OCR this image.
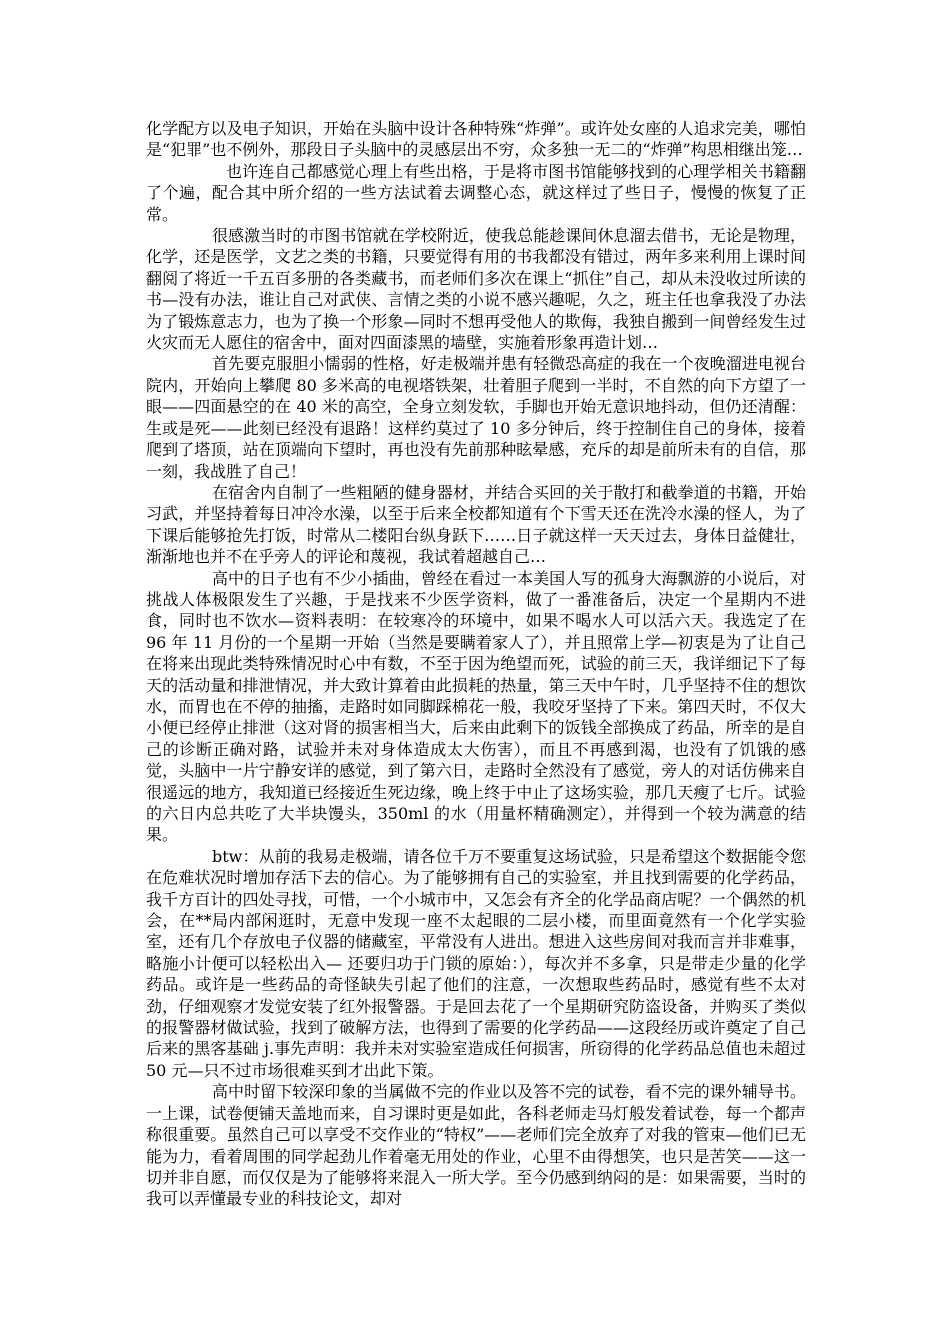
化学配方以及电子知识，开始在头脑中设计各种特殊“炸弹”。或许处女座的人追求完美，哪怕是“犯罪”也不例外，那段日子头脑中的灵感层出不穷，众多独一无二的“炸弹”构思相继出笼…

也许连自己都感觉心理上有些出格，于是将市图书馆能够找到的心理学相关书籍翻了个遍，配合其中所介绍的一些方法试着去调整心态，就这样过了些日子，慢慢的恢复了正常。

很感激当时的市图书馆就在学校附近，使我总能趁课间休息溜去借书，无论是物理，化学，还是医学，文艺之类的书籍，只要觉得有用的书我都没有错过，两年多来利用上课时间翻阅了将近一千五百多册的各类藏书，而老师们多次在课上“抓住”自己，却从未没收过所读的书—没有办法，谁让自己对武侠、言情之类的小说不感兴趣呢，久之，班主任也拿我没了办法为了锻炼意志力，也为了换一个形象—同时不想再受他人的欺侮，我独自搬到一间曾经发生过火灾而无人愿住的宿舍中，面对四面漆黑的墙壁，实施着形象再造计划…

首先要克服胆小懦弱的性格，好走极端并患有轻微恐高症的我在一个夜晚溜进电视台院内，开始向上攀爬 80 多米高的电视塔铁架，壮着胆子爬到一半时，不自然的向下方望了一眼——四面悬空的在 40 米的高空，全身立刻发软，手脚也开始无意识地抖动，但仍还清醒：生或是死——此刻已经没有退路！这样约莫过了 10 多分钟后，终于控制住自己的身体，接着爬到了塔顶，站在顶端向下望时，再也没有先前那种眩晕感，充斥的却是前所未有的自信，那一刻，我战胜了自己！

在宿舍内自制了一些粗陋的健身器材，并结合买回的关于散打和截拳道的书籍，开始习武，并坚持着每日冲冷水澡，以至于后来全校都知道有个下雪天还在洗冷水澡的怪人，为了下课后能够抢先打饭，时常从二楼阳台纵身跃下……日子就这样一天天过去，身体日益健壮，渐渐地也并不在乎旁人的评论和蔑视，我试着超越自己…

高中的日子也有不少小插曲，曾经在看过一本美国人写的孤身大海飘游的小说后，对挑战人体极限发生了兴趣，于是找来不少医学资料，做了一番准备后，决定一个星期内不进食，同时也不饮水—资料表明：在较寒冷的环境中，如果不喝水人可以活六天。我选定了在 96 年 11 月份的一个星期一开始（当然是要瞒着家人了），并且照常上学—初衷是为了让自己在将来出现此类特殊情况时心中有数，不至于因为绝望而死，试验的前三天，我详细记下了每天的活动量和排泄情况，并大致计算着由此损耗的热量，第三天中午时，几乎坚持不住的想饮水，而胃也在不停的抽搐，走路时如同脚踩棉花一般，我咬牙坚持了下来。第四天时，不仅大小便已经停止排泄（这对肾的损害相当大，后来由此剩下的饭钱全部换成了药品，所幸的是自己的诊断正确对路，试验并未对身体造成太大伤害），而且不再感到渴，也没有了饥饿的感觉，头脑中一片宁静安详的感觉，到了第六日，走路时全然没有了感觉，旁人的对话仿佛来自很遥远的地方，我知道已经接近生死边缘，晚上终于中止了这场实验，那几天瘦了七斤。试验的六日内总共吃了大半块馒头，350ml 的水（用量杯精确测定），并得到一个较为满意的结果。

btw：从前的我易走极端，请各位千万不要重复这场试验，只是希望这个数据能令您在危难状况时增加存活下去的信心。为了能够拥有自己的实验室，并且找到需要的化学药品，我千方百计的四处寻找，可惜，一个小城市中，又怎会有齐全的化学品商店呢？一个偶然的机会，在**局内部闲逛时，无意中发现一座不太起眼的二层小楼，而里面竟然有一个化学实验室，还有几个存放电子仪器的储藏室，平常没有人进出。想进入这些房间对我而言并非难事，略施小计便可以轻松出入— 还要归功于门锁的原始：），每次并不多拿，只是带走少量的化学药品。或许是一些药品的奇怪缺失引起了他们的注意，一次想取些药品时，感觉有些不太对劲，仔细观察才发觉安装了红外报警器。于是回去花了一个星期研究防盗设备，并购买了类似的报警器材做试验，找到了破解方法，也得到了需要的化学药品——这段经历或许奠定了自己后来的黑客基础 j.事先声明：我并未对实验室造成任何损害，所窃得的化学药品总值也未超过 50 元—只不过市场很难买到才出此下策。

高中时留下较深印象的当属做不完的作业以及答不完的试卷，看不完的课外辅导书。一上课，试卷便铺天盖地而来，自习课时更是如此，各科老师走马灯般发着试卷，每一个都声称很重要。虽然自己可以享受不交作业的“特权”——老师们完全放弃了对我的管束—他们已无能为力，看着周围的同学起劲儿作着毫无用处的作业，心里不由得想笑，也只是苦笑——这一切并非自愿，而仅仅是为了能够将来混入一所大学。至今仍感到纳闷的是：如果需要，当时的我可以弄懂最专业的科技论文，却对
